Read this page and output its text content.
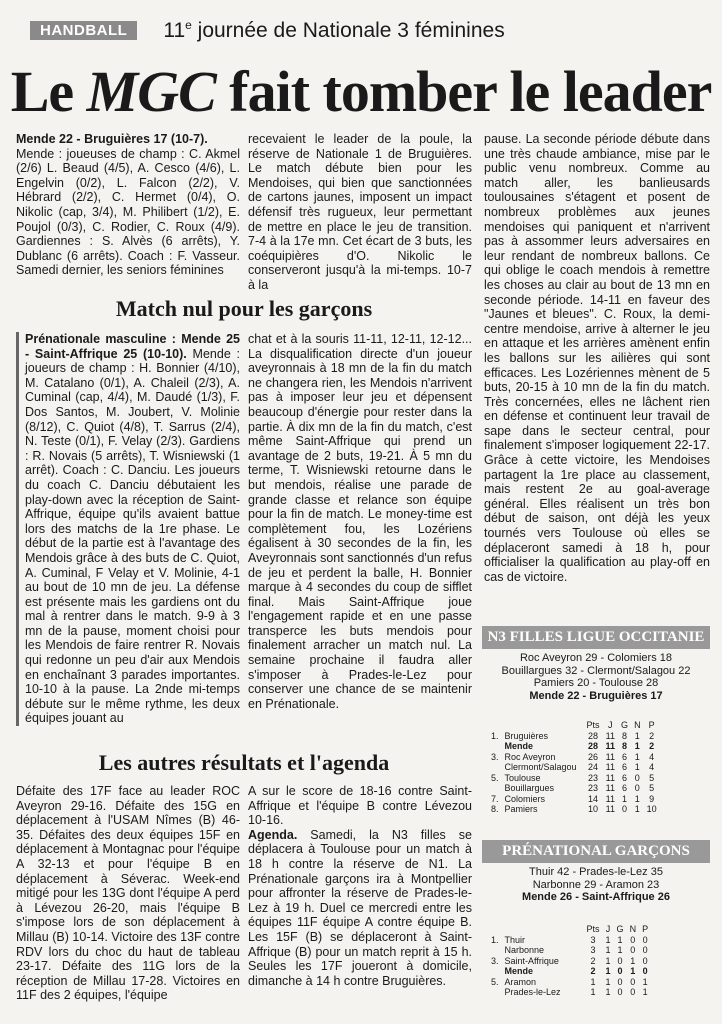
HANDBALL	11e journée de Nationale 3 féminines
Le MGC fait tomber le leader

Mende 22 - Bruguières 17 (10-7).
Mende : joueuses de champ : C. Akmel (2/6) L. Beaud (4/5), A. Cesco (4/6), L. Engelvin (0/2), L. Falcon (2/2), V. Hébrard (2/2), C. Hermet (0/4), O. Nikolic (cap, 3/4), M. Philibert (1/2), E. Poujol (0/3), C. Rodier, C. Roux (4/9). Gardiennes : S. Alvès (6 arrêts), Y. Dublanc (6 arrêts). Coach : F. Vasseur. Samedi dernier, les seniors féminines

recevaient le leader de la poule, la réserve de Nationale 1 de Bruguières. Le match débute bien pour les Mendoises, qui bien que sanctionnées de cartons jaunes, imposent un impact défensif très rugueux, leur permettant de mettre en place le jeu de transition. 7-4 à la 17e mn. Cet écart de 3 buts, les coéquipières d'O. Nikolic le conserveront jusqu'à la mi-temps. 10-7 à la

pause. La seconde période débute dans une très chaude ambiance, mise par le public venu nombreux. Comme au match aller, les banlieusards toulousaines s'étagent et posent de nombreux problèmes aux jeunes mendoises qui paniquent et n'arrivent pas à assommer leurs adversaires en leur rendant de nombreux ballons. Ce qui oblige le coach mendois à remettre les choses au clair au bout de 13 mn en seconde période. 14-11 en faveur des "Jaunes et bleues". C. Roux, la demi-centre mendoise, arrive à alterner le jeu en attaque et les arrières amènent enfin les ballons sur les ailières qui sont efficaces. Les Lozériennes mènent de 5 buts, 20-15 à 10 mn de la fin du match. Très concernées, elles ne lâchent rien en défense et continuent leur travail de sape dans le secteur central, pour finalement s'imposer logiquement 22-17. Grâce à cette victoire, les Mendoises partagent la 1re place au classement, mais restent 2e au goal-average général. Elles réalisent un très bon début de saison, ont déjà les yeux tournés vers Toulouse où elles se déplaceront samedi à 18 h, pour officialiser la qualification au play-off en cas de victoire.

Match nul pour les garçons

Prénationale masculine : Mende 25 - Saint-Affrique 25 (10-10). Mende : joueurs de champ : H. Bonnier (4/10), M. Catalano (0/1), A. Chaleil (2/3), A. Cuminal (cap, 4/4), M. Daudé (1/3), F. Dos Santos, M. Joubert, V. Molinie (8/12), C. Quiot (4/8), T. Sarrus (2/4), N. Teste (0/1), F. Velay (2/3). Gardiens : R. Novais (5 arrêts), T. Wisniewski (1 arrêt). Coach : C. Danciu. Les joueurs du coach C. Danciu débutaient les play-down avec la réception de Saint-Affrique, équipe qu'ils avaient battue lors des matchs de la 1re phase. Le début de la partie est à l'avantage des Mendois grâce à des buts de C. Quiot, A. Cuminal, F Velay et V. Molinie, 4-1 au bout de 10 mn de jeu. La défense est présente mais les gardiens ont du mal à rentrer dans le match. 9-9 à 3 mn de la pause, moment choisi pour les Mendois de faire rentrer R. Novais qui redonne un peu d'air aux Mendois en enchaînant 3 parades importantes. 10-10 à la pause. La 2nde mi-temps débute sur le même rythme, les deux équipes jouant au

chat et à la souris 11-11, 12-11, 12-12... La disqualification directe d'un joueur aveyronnais à 18 mn de la fin du match ne changera rien, les Mendois n'arrivent pas à imposer leur jeu et dépensent beaucoup d'énergie pour rester dans la partie. À dix mn de la fin du match, c'est même Saint-Affrique qui prend un avantage de 2 buts, 19-21. À 5 mn du terme, T. Wisniewski retourne dans le but mendois, réalise une parade de grande classe et relance son équipe pour la fin de match. Le money-time est complètement fou, les Lozériens égalisent à 30 secondes de la fin, les Aveyronnais sont sanctionnés d'un refus de jeu et perdent la balle, H. Bonnier marque à 4 secondes du coup de sifflet final. Mais Saint-Affrique joue l'engagement rapide et en une passe transperce les buts mendois pour finalement arracher un match nul. La semaine prochaine il faudra aller s'imposer à Prades-le-Lez pour conserver une chance de se maintenir en Prénationale.

Les autres résultats et l'agenda

Défaite des 17F face au leader ROC Aveyron 29-16. Défaite des 15G en déplacement à l'USAM Nîmes (B) 46-35. Défaites des deux équipes 15F en déplacement à Montagnac pour l'équipe A 32-13 et pour l'équipe B en déplacement à Séverac. Week-end mitigé pour les 13G dont l'équipe A perd à Lévezou 26-20, mais l'équipe B s'impose lors de son déplacement à Millau (B) 10-14. Victoire des 13F contre RDV lors du choc du haut de tableau 23-17. Défaite des 11G lors de la réception de Millau 17-28. Victoires en 11F des 2 équipes, l'équipe

A sur le score de 18-16 contre Saint-Affrique et l'équipe B contre Lévezou 10-16.
Agenda. Samedi, la N3 filles se déplacera à Toulouse pour un match à 18 h contre la réserve de N1. La Prénationale garçons ira à Montpellier pour affronter la réserve de Prades-le-Lez à 19 h. Duel ce mercredi entre les équipes 11F équipe A contre équipe B. Les 15F (B) se déplaceront à Saint-Affrique (B) pour un match reprit à 15 h. Seules les 17F joueront à domicile, dimanche à 14 h contre Bruguières.

N3 FILLES LIGUE OCCITANIE
Roc Aveyron 29 - Colomiers 18
Bouillargues 32 - Clermont/Salagou 22
Pamiers 20 - Toulouse 28
Mende 22 - Bruguières 17
		Pts	J	G	N	P
1.	Bruguières	28	11	8	1	2
	Mende	28	11	8	1	2
3.	Roc Aveyron	26	11	6	1	4
	Clermont/Salagou	24	11	6	1	4
5.	Toulouse	23	11	6	0	5
	Bouillargues	23	11	6	0	5
7.	Colomiers	14	11	1	1	9
8.	Pamiers	10	11	0	1	10
PRÉNATIONAL GARÇONS
Thuir 42 - Prades-le-Lez 35
Narbonne 29 - Aramon 23
Mende 26 - Saint-Affrique 26
		Pts	J	G	N	P
1.	Thuir	3	1	1	0	0
	Narbonne	3	1	1	0	0
3.	Saint-Affrique	2	1	0	1	0
	Mende	2	1	0	1	0
5.	Aramon	1	1	0	0	1
	Prades-le-Lez	1	1	0	0	1
